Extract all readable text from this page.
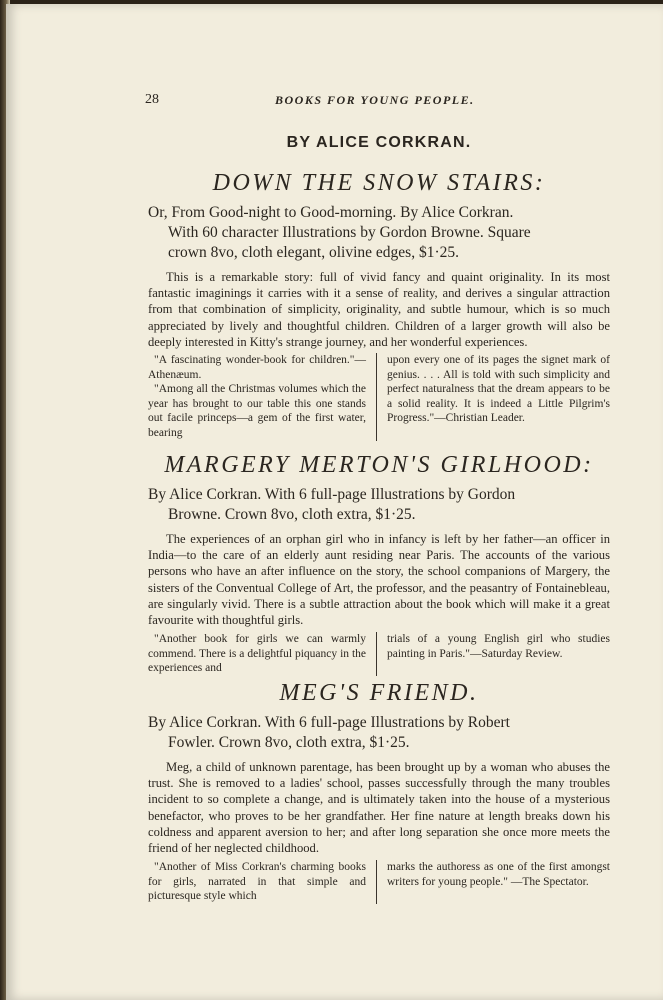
28	BOOKS FOR YOUNG PEOPLE.
BY ALICE CORKRAN.
DOWN THE SNOW STAIRS:

Or, From Good-night to Good-morning. By Alice Corkran.
With 60 character Illustrations by Gordon Browne. Square
crown 8vo, cloth elegant, olivine edges, $1·25.

This is a remarkable story: full of vivid fancy and quaint originality. In its most fantastic imaginings it carries with it a sense of reality, and derives a singular attraction from that combination of simplicity, originality, and subtle humour, which is so much appreciated by lively and thoughtful children. Children of a larger growth will also be deeply interested in Kitty's strange journey, and her wonderful experiences.

"A fascinating wonder-book for children."—Athenæum.

"Among all the Christmas volumes which the year has brought to our table this one stands out facile princeps—a gem of the first water, bearing

upon every one of its pages the signet mark of genius. . . . All is told with such simplicity and perfect naturalness that the dream appears to be a solid reality. It is indeed a Little Pilgrim's Progress."—Christian Leader.

MARGERY MERTON'S GIRLHOOD:

By Alice Corkran. With 6 full-page Illustrations by Gordon
Browne. Crown 8vo, cloth extra, $1·25.

The experiences of an orphan girl who in infancy is left by her father—an officer in India—to the care of an elderly aunt residing near Paris. The accounts of the various persons who have an after influence on the story, the school companions of Margery, the sisters of the Conventual College of Art, the professor, and the peasantry of Fontainebleau, are singularly vivid. There is a subtle attraction about the book which will make it a great favourite with thoughtful girls.

"Another book for girls we can warmly commend. There is a delightful piquancy in the experiences and

trials of a young English girl who studies painting in Paris."—Saturday Review.

MEG'S FRIEND.

By Alice Corkran. With 6 full-page Illustrations by Robert
Fowler. Crown 8vo, cloth extra, $1·25.

Meg, a child of unknown parentage, has been brought up by a woman who abuses the trust. She is removed to a ladies' school, passes successfully through the many troubles incident to so complete a change, and is ultimately taken into the house of a mysterious benefactor, who proves to be her grandfather. Her fine nature at length breaks down his coldness and apparent aversion to her; and after long separation she once more meets the friend of her neglected childhood.

"Another of Miss Corkran's charming books for girls, narrated in that simple and picturesque style which

marks the authoress as one of the first amongst writers for young people." —The Spectator.
